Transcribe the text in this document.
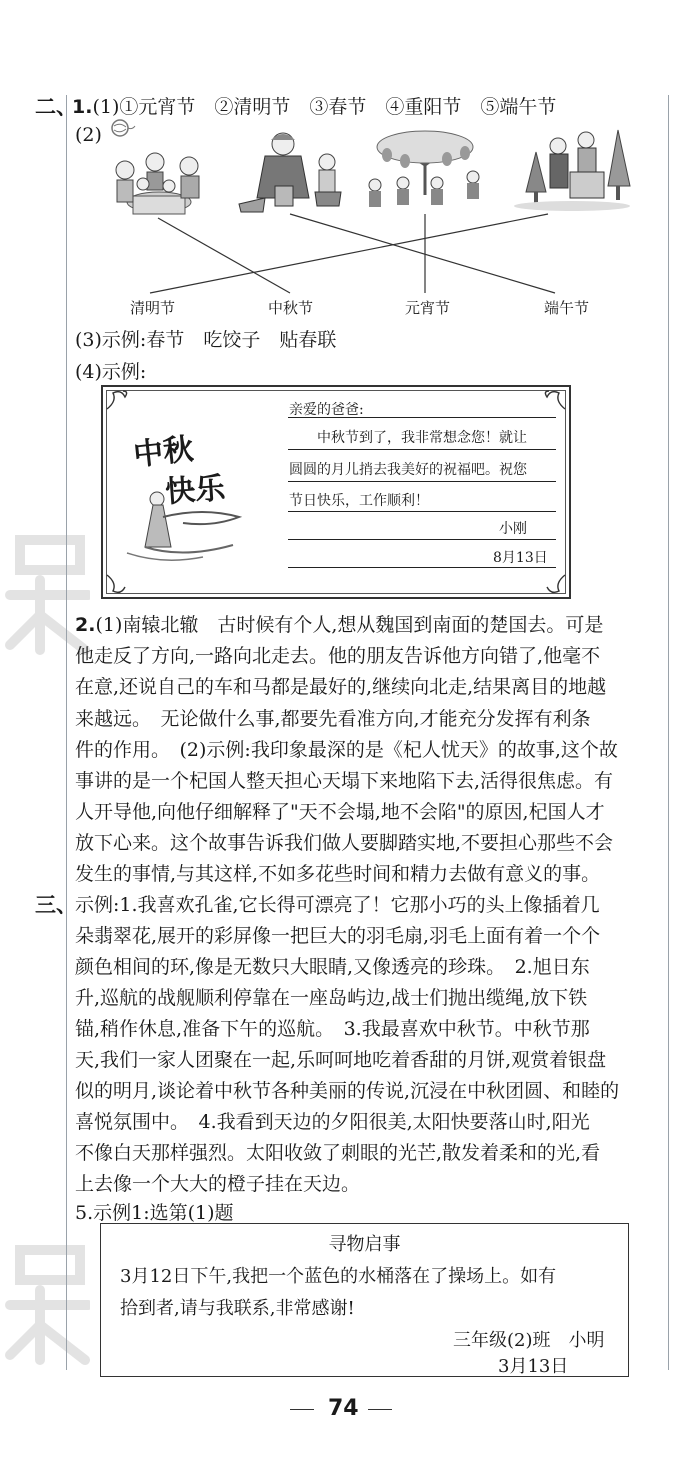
二、
1.(1)①元宵节　②清明节　③春节　④重阳节　⑤端午节
(2)
清明节	中秋节	元宵节	端午节
(3)示例:春节　吃饺子　贴春联
(4)示例:
中秋
快乐
亲爱的爸爸:
中秋节到了，我非常想念您！就让
圆圆的月儿捎去我美好的祝福吧。祝您
节日快乐，工作顺利！
小刚
8月13日
2.(1)南辕北辙　古时候有个人,想从魏国到南面的楚国去。可是
他走反了方向,一路向北走去。他的朋友告诉他方向错了,他毫不
在意,还说自己的车和马都是最好的,继续向北走,结果离目的地越
来越远。　无论做什么事,都要先看准方向,才能充分发挥有利条
件的作用。　(2)示例:我印象最深的是《杞人忧天》的故事,这个故
事讲的是一个杞国人整天担心天塌下来地陷下去,活得很焦虑。有
人开导他,向他仔细解释了"天不会塌,地不会陷"的原因,杞国人才
放下心来。这个故事告诉我们做人要脚踏实地,不要担心那些不会
发生的事情,与其这样,不如多花些时间和精力去做有意义的事。
三、
示例:1.我喜欢孔雀,它长得可漂亮了！它那小巧的头上像插着几
朵翡翠花,展开的彩屏像一把巨大的羽毛扇,羽毛上面有着一个个
颜色相间的环,像是无数只大眼睛,又像透亮的珍珠。　2.旭日东
升,巡航的战舰顺利停靠在一座岛屿边,战士们抛出缆绳,放下铁
锚,稍作休息,准备下午的巡航。　3.我最喜欢中秋节。中秋节那
天,我们一家人团聚在一起,乐呵呵地吃着香甜的月饼,观赏着银盘
似的明月,谈论着中秋节各种美丽的传说,沉浸在中秋团圆、和睦的
喜悦氛围中。　4.我看到天边的夕阳很美,太阳快要落山时,阳光
不像白天那样强烈。太阳收敛了刺眼的光芒,散发着柔和的光,看
上去像一个大大的橙子挂在天边。
5.示例1:选第(1)题
寻物启事
3月12日下午,我把一个蓝色的水桶落在了操场上。如有
拾到者,请与我联系,非常感谢!
三年级(2)班　小明
3月13日
74
